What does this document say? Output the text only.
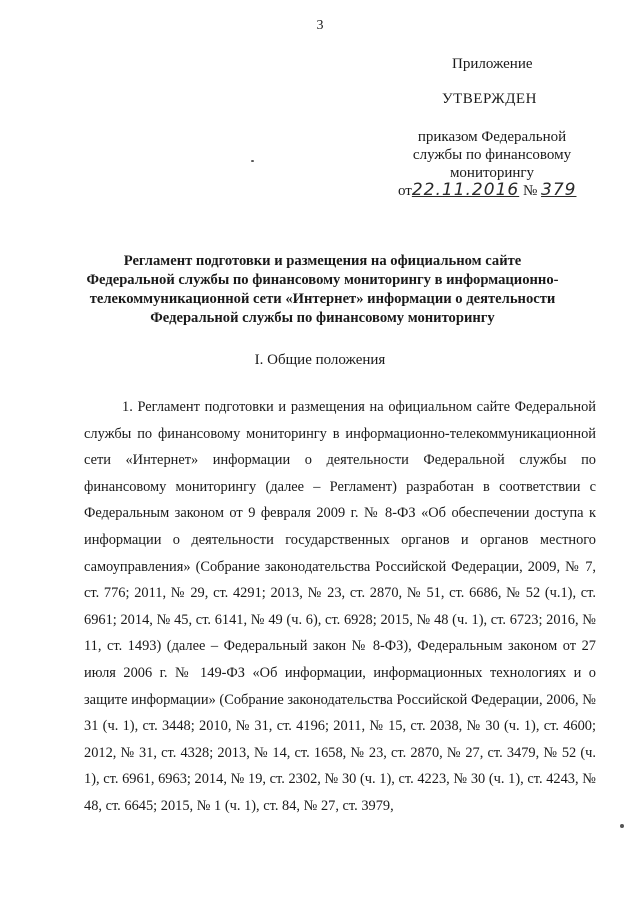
3
Приложение
УТВЕРЖДЕН
приказом Федеральной
службы по финансовому
мониторингу
от22.11.2016 № 379
Регламент подготовки и размещения на официальном сайте
Федеральной службы по финансовому мониторингу в информационно-
телекоммуникационной сети «Интернет» информации о деятельности
Федеральной службы по финансовому мониторингу
I. Общие положения

1. Регламент подготовки и размещения на официальном сайте Федеральной службы по финансовому мониторингу в информационно-телекоммуникационной сети «Интернет» информации о деятельности Федеральной службы по финансовому мониторингу (далее – Регламент) разработан в соответствии с Федеральным законом от 9 февраля 2009 г. № 8-ФЗ «Об обеспечении доступа к информации о деятельности государственных органов и органов местного самоуправления» (Собрание законодательства Российской Федерации, 2009, № 7, ст. 776; 2011, № 29, ст. 4291; 2013, № 23, ст. 2870, № 51, ст. 6686, № 52 (ч.1), ст. 6961; 2014, № 45, ст. 6141, № 49 (ч. 6), ст. 6928; 2015, № 48 (ч. 1), ст. 6723; 2016, № 11, ст. 1493) (далее – Федеральный закон № 8-ФЗ), Федеральным законом от 27 июля 2006 г. № 149-ФЗ «Об информации, информационных технологиях и о защите информации» (Собрание законодательства Российской Федерации, 2006, № 31 (ч. 1), ст. 3448; 2010, № 31, ст. 4196; 2011, № 15, ст. 2038, № 30 (ч. 1), ст. 4600; 2012, № 31, ст. 4328; 2013, № 14, ст. 1658, № 23, ст. 2870, № 27, ст. 3479, № 52 (ч. 1), ст. 6961, 6963; 2014, № 19, ст. 2302, № 30 (ч. 1), ст. 4223, № 30 (ч. 1), ст. 4243, № 48, ст. 6645; 2015, № 1 (ч. 1), ст. 84, № 27, ст. 3979,
